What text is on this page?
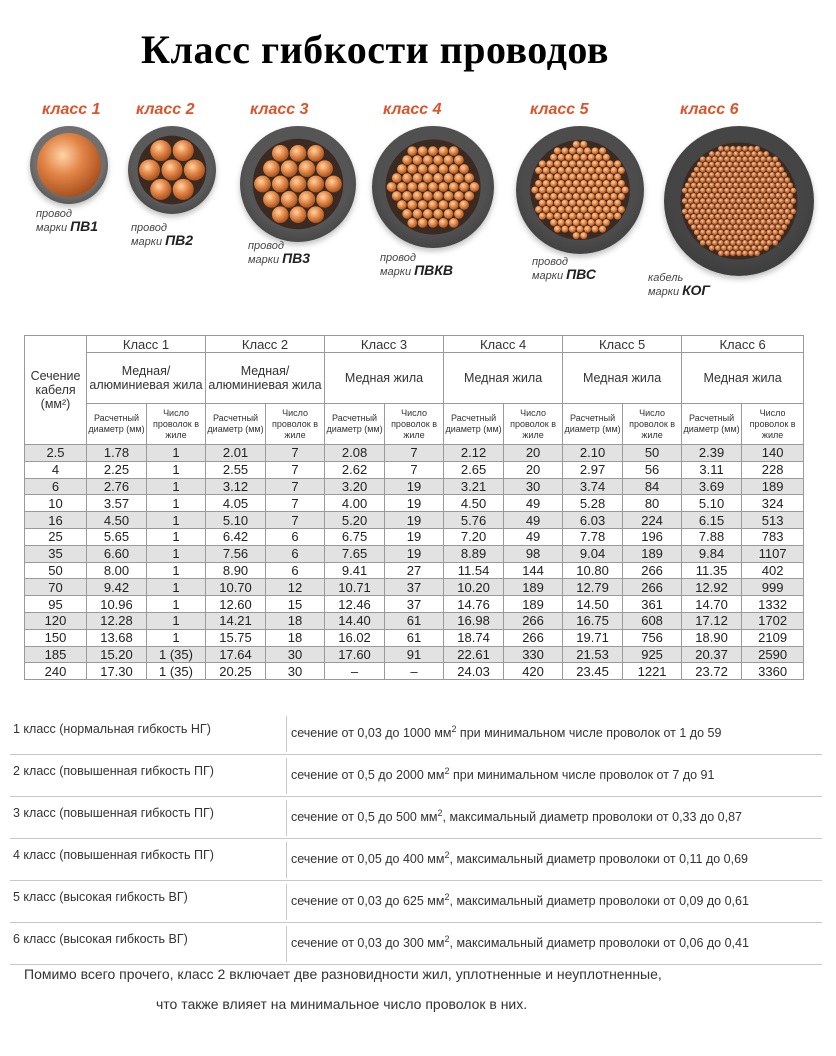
Класс гибкости проводов
класс 1
провод
марки ПВ1
класс 2
провод
марки ПВ2
класс 3
провод
марки ПВ3
класс 4
провод
марки ПВКВ
класс 5
провод
марки ПВС
класс 6
кабель
марки КОГ
Сечение кабеля (мм²)	Класс 1		Класс 2		Класс 3		Класс 4		Класс 5		Класс 6	
	Медная/ алюминиевая жила		Медная/ алюминиевая жила		Медная жила		Медная жила		Медная жила		Медная жила	
	Расчетный диаметр (мм)	Число проволок в жиле	Расчетный диаметр (мм)	Число проволок в жиле	Расчетный диаметр (мм)	Число проволок в жиле	Расчетный диаметр (мм)	Число проволок в жиле	Расчетный диаметр (мм)	Число проволок в жиле	Расчетный диаметр (мм)	Число проволок в жиле
2.5	1.78	1	2.01	7	2.08	7	2.12	20	2.10	50	2.39	140
4	2.25	1	2.55	7	2.62	7	2.65	20	2.97	56	3.11	228
6	2.76	1	3.12	7	3.20	19	3.21	30	3.74	84	3.69	189
10	3.57	1	4.05	7	4.00	19	4.50	49	5.28	80	5.10	324
16	4.50	1	5.10	7	5.20	19	5.76	49	6.03	224	6.15	513
25	5.65	1	6.42	6	6.75	19	7.20	49	7.78	196	7.88	783
35	6.60	1	7.56	6	7.65	19	8.89	98	9.04	189	9.84	1107
50	8.00	1	8.90	6	9.41	27	11.54	144	10.80	266	11.35	402
70	9.42	1	10.70	12	10.71	37	10.20	189	12.79	266	12.92	999
95	10.96	1	12.60	15	12.46	37	14.76	189	14.50	361	14.70	1332
120	12.28	1	14.21	18	14.40	61	16.98	266	16.75	608	17.12	1702
150	13.68	1	15.75	18	16.02	61	18.74	266	19.71	756	18.90	2109
185	15.20	1 (35)	17.64	30	17.60	91	22.61	330	21.53	925	20.37	2590
240	17.30	1 (35)	20.25	30	–	–	24.03	420	23.45	1221	23.72	3360
1 класс (нормальная гибкость НГ)	сечение от 0,03 до 1000 $мм^2$ при минимальном числе проволок от 1 до 59
2 класс (повышенная гибкость ПГ)	сечение от 0,5 до 2000 $мм^2$ при минимальном числе проволок от 7 до 91
3 класс (повышенная гибкость ПГ)	сечение от 0,5 до 500 $мм^2$, максимальный диаметр проволоки от 0,33 до 0,87
4 класс (повышенная гибкость ПГ)	сечение от 0,05 до 400 $мм^2$, максимальный диаметр проволоки от 0,11 до 0,69
5 класс (высокая гибкость ВГ)	сечение от 0,03 до 625 $мм^2$, максимальный диаметр проволоки от 0,09 до 0,61
6 класс (высокая гибкость ВГ)	сечение от 0,03 до 300 $мм^2$, максимальный диаметр проволоки от 0,06 до 0,41
Помимо всего прочего, класс 2 включает две разновидности жил, уплотненные и неуплотненные,
что также влияет на минимальное число проволок в них.
